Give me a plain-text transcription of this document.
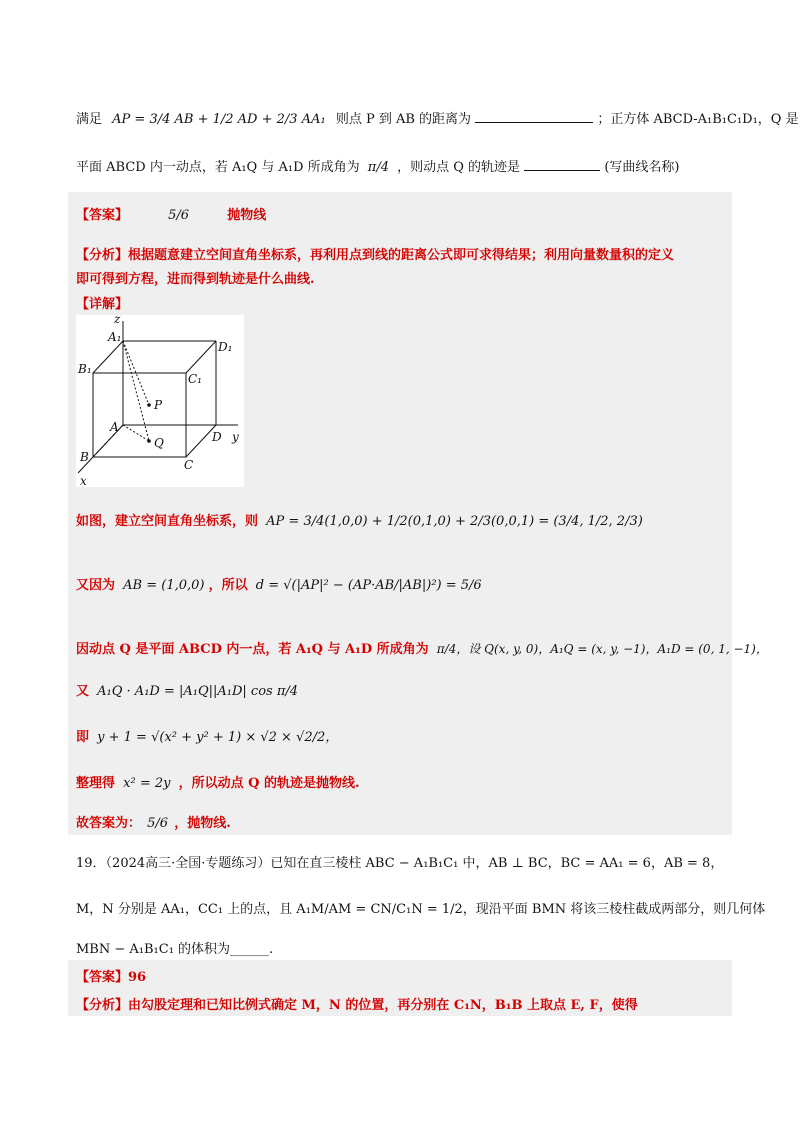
满足 AP = 3/4 AB + 1/2 AD + 2/3 AA₁ 则点 P 到 AB 的距离为	；正方体 ABCD-A₁B₁C₁D₁，Q 是
平面 ABCD 内一动点，若 A₁Q 与 A₁D 所成角为 π/4 ，则动点 Q 的轨迹是	(写曲线名称)
【答案】	5/6	抛物线
【分析】根据题意建立空间直角坐标系，再利用点到线的距离公式即可求得结果；利用向量数量积的定义
即可得到方程，进而得到轨迹是什么曲线.
【详解】
z
A₁
D₁
B₁
C₁
P
A
Q	D y
B
C
x
如图，建立空间直角坐标系，则 AP = 3/4(1,0,0) + 1/2(0,1,0) + 2/3(0,0,1) = (3/4, 1/2, 2/3)
又因为 AB = (1,0,0) ，所以 d = √(|AP|² − (AP·AB/|AB|)²) = 5/6
因动点 Q 是平面 ABCD 内一点，若 A₁Q 与 A₁D 所成角为 π/4，设 Q(x, y, 0)，A₁Q = (x, y, −1)，A₁D = (0, 1, −1)，
又 A₁Q · A₁D = |A₁Q||A₁D| cos π/4
即 y + 1 = √(x² + y² + 1) × √2 × √2/2，
整理得 x² = 2y ，所以动点 Q 的轨迹是抛物线.
故答案为： 5/6 ，抛物线.
19．（2024高三·全国·专题练习）已知在直三棱柱 ABC − A₁B₁C₁ 中，AB ⊥ BC，BC = AA₁ = 6，AB = 8，
M，N 分别是 AA₁，CC₁ 上的点，且 A₁M/AM = CN/C₁N = 1/2，现沿平面 BMN 将该三棱柱截成两部分，则几何体
MBN − A₁B₁C₁ 的体积为______.
【答案】96
【分析】由勾股定理和已知比例式确定 M，N 的位置，再分别在 C₁N，B₁B 上取点 E, F，使得
